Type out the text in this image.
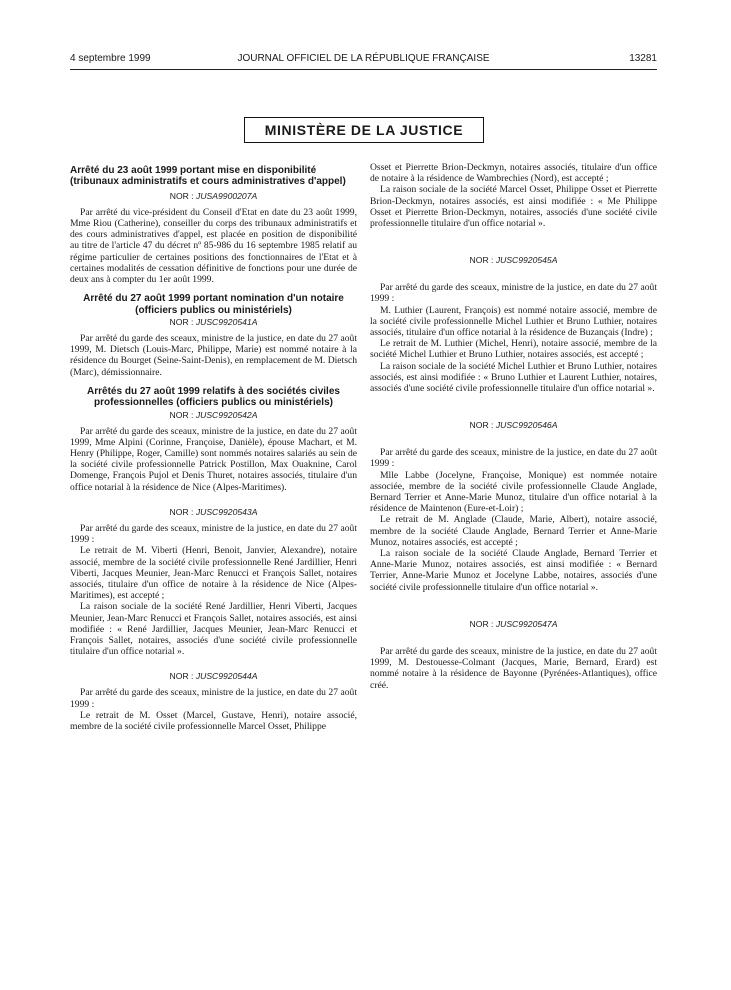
4 septembre 1999	JOURNAL OFFICIEL DE LA RÉPUBLIQUE FRANÇAISE	13281
MINISTÈRE DE LA JUSTICE
Arrêté du 23 août 1999 portant mise en disponibilité (tribunaux administratifs et cours administratives d'appel)
NOR : JUSA9900207A

Par arrêté du vice-président du Conseil d'Etat en date du 23 août 1999, Mme Riou (Catherine), conseiller du corps des tribunaux administratifs et des cours administratives d'appel, est placée en position de disponibilité au titre de l'article 47 du décret nº 85-986 du 16 septembre 1985 relatif au régime particulier de certaines positions des fonctionnaires de l'Etat et à certaines modalités de cessation définitive de fonctions pour une durée de deux ans à compter du 1er août 1999.

Arrêté du 27 août 1999 portant nomination d'un notaire (officiers publics ou ministériels)
NOR : JUSC9920541A

Par arrêté du garde des sceaux, ministre de la justice, en date du 27 août 1999, M. Dietsch (Louis-Marc, Philippe, Marie) est nommé notaire à la résidence du Bourget (Seine-Saint-Denis), en remplacement de M. Dietsch (Marc), démissionnaire.

Arrêtés du 27 août 1999 relatifs à des sociétés civiles professionnelles (officiers publics ou ministériels)
NOR : JUSC9920542A

Par arrêté du garde des sceaux, ministre de la justice, en date du 27 août 1999, Mme Alpini (Corinne, Françoise, Danièle), épouse Machart, et M. Henry (Philippe, Roger, Camille) sont nommés notaires salariés au sein de la société civile professionnelle Patrick Postillon, Max Ouaknine, Carol Domenge, François Pujol et Denis Thuret, notaires associés, titulaire d'un office notarial à la résidence de Nice (Alpes-Maritimes).

NOR : JUSC9920543A

Par arrêté du garde des sceaux, ministre de la justice, en date du 27 août 1999 :

Le retrait de M. Viberti (Henri, Benoit, Janvier, Alexandre), notaire associé, membre de la société civile professionnelle René Jardillier, Henri Viberti, Jacques Meunier, Jean-Marc Renucci et François Sallet, notaires associés, titulaire d'un office de notaire à la résidence de Nice (Alpes-Maritimes), est accepté ;

La raison sociale de la société René Jardillier, Henri Viberti, Jacques Meunier, Jean-Marc Renucci et François Sallet, notaires associés, est ainsi modifiée : « René Jardillier, Jacques Meunier, Jean-Marc Renucci et François Sallet, notaires, associés d'une société civile professionnelle titulaire d'un office notarial ».

NOR : JUSC9920544A

Par arrêté du garde des sceaux, ministre de la justice, en date du 27 août 1999 :

Le retrait de M. Osset (Marcel, Gustave, Henri), notaire associé, membre de la société civile professionnelle Marcel Osset, Philippe

Osset et Pierrette Brion-Deckmyn, notaires associés, titulaire d'un office de notaire à la résidence de Wambrechies (Nord), est accepté ;

La raison sociale de la société Marcel Osset, Philippe Osset et Pierrette Brion-Deckmyn, notaires associés, est ainsi modifiée : « Me Philippe Osset et Pierrette Brion-Deckmyn, notaires, associés d'une société civile professionnelle titulaire d'un office notarial ».

NOR : JUSC9920545A

Par arrêté du garde des sceaux, ministre de la justice, en date du 27 août 1999 :

M. Luthier (Laurent, François) est nommé notaire associé, membre de la société civile professionnelle Michel Luthier et Bruno Luthier, notaires associés, titulaire d'un office notarial à la résidence de Buzançais (Indre) ;

Le retrait de M. Luthier (Michel, Henri), notaire associé, membre de la société Michel Luthier et Bruno Luthier, notaires associés, est accepté ;

La raison sociale de la société Michel Luthier et Bruno Luthier, notaires associés, est ainsi modifiée : « Bruno Luthier et Laurent Luthier, notaires, associés d'une société civile professionnelle titulaire d'un office notarial ».

NOR : JUSC9920546A

Par arrêté du garde des sceaux, ministre de la justice, en date du 27 août 1999 :

Mlle Labbe (Jocelyne, Françoise, Monique) est nommée notaire associée, membre de la société civile professionnelle Claude Anglade, Bernard Terrier et Anne-Marie Munoz, titulaire d'un office notarial à la résidence de Maintenon (Eure-et-Loir) ;

Le retrait de M. Anglade (Claude, Marie, Albert), notaire associé, membre de la société Claude Anglade, Bernard Terrier et Anne-Marie Munoz, notaires associés, est accepté ;

La raison sociale de la société Claude Anglade, Bernard Terrier et Anne-Marie Munoz, notaires associés, est ainsi modifiée : « Bernard Terrier, Anne-Marie Munoz et Jocelyne Labbe, notaires, associés d'une société civile professionnelle titulaire d'un office notarial ».

NOR : JUSC9920547A

Par arrêté du garde des sceaux, ministre de la justice, en date du 27 août 1999, M. Destouesse-Colmant (Jacques, Marie, Bernard, Erard) est nommé notaire à la résidence de Bayonne (Pyrénées-Atlantiques), office créé.
